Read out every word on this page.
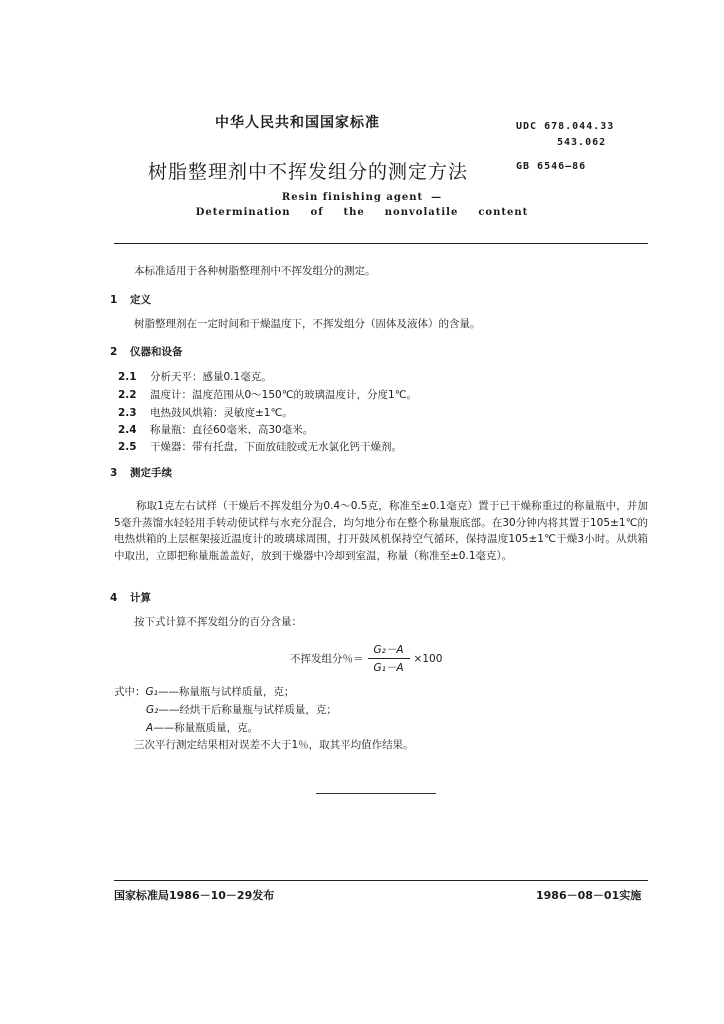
中华人民共和国国家标准
树脂整理剂中不挥发组分的测定方法
UDC 678.044.33
543.062
GB 6546—86
Resin finishing agent —
Determination of the nonvolatile content
本标准适用于各种树脂整理剂中不挥发组分的测定。
1 定义
树脂整理剂在一定时间和干燥温度下，不挥发组分（固体及液体）的含量。
2 仪器和设备
2.1 分析天平：感量0.1毫克。
2.2 温度计：温度范围从0～150℃的玻璃温度计，分度1℃。
2.3 电热鼓风烘箱：灵敏度±1℃。
2.4 称量瓶：直径60毫米、高30毫米。
2.5 干燥器：带有托盘，下面放硅胶或无水氯化钙干燥剂。
3 测定手续
称取1克左右试样（干燥后不挥发组分为0.4～0.5克，称准至±0.1毫克）置于已干燥称重过的称量瓶中，并加5毫升蒸馏水轻轻用手转动使试样与水充分混合，均匀地分布在整个称量瓶底部。在30分钟内将其置于105±1℃的电热烘箱的上层框架接近温度计的玻璃球周围，打开鼓风机保持空气循环，保持温度105±1℃干燥3小时。从烘箱中取出，立即把称量瓶盖盖好，放到干燥器中冷却到室温，称量（称准至±0.1毫克）。
4 计算
按下式计算不挥发组分的百分含量：
不挥发组分％＝ $\frac{\text{G₂－A}}{\text{G₁－A}} \times 100$
式中：G₁——称量瓶与试样质量，克；
G₂——经烘干后称量瓶与试样质量，克；
A——称量瓶质量，克。
三次平行测定结果相对误差不大于1％，取其平均值作结果。
国家标准局1986－10－29发布	1986－08－01实施
